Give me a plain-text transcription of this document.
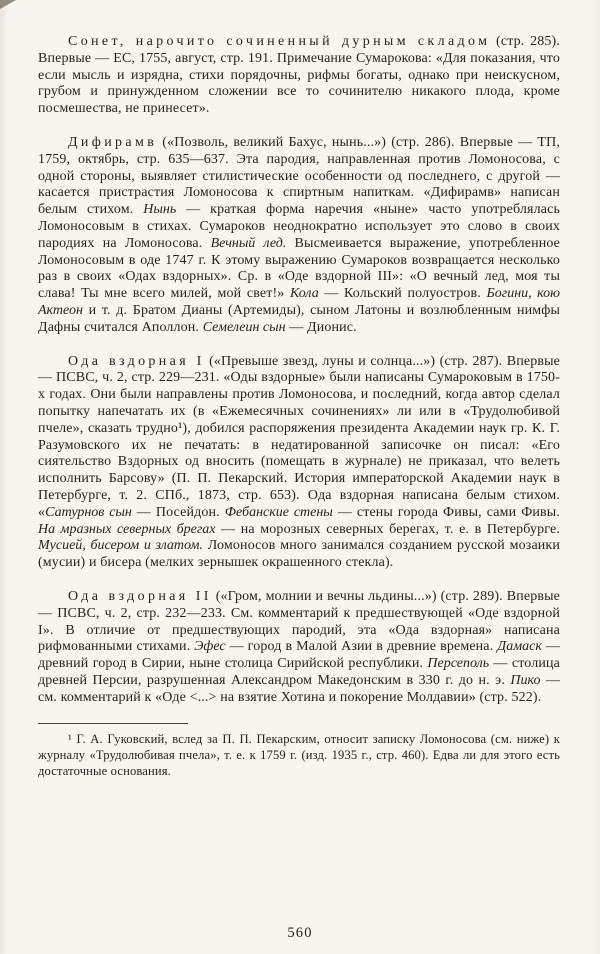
Сонет, нарочито сочиненный дурным складом (стр. 285). Впервые — ЕС, 1755, август, стр. 191. Примечание Сумарокова: «Для показания, что если мысль и изрядна, стихи порядочны, рифмы богаты, однако при неискусном, грубом и принужденном сложении все то сочинителю никакого плода, кроме посмешества, не принесет».

Дифирамв («Позволь, великий Бахус, нынь...») (стр. 286). Впервые — ТП, 1759, октябрь, стр. 635—637. Эта пародия, направленная против Ломоносова, с одной стороны, выявляет стилистические особенности од последнего, с другой — касается пристрастия Ломоносова к спиртным напиткам. «Дифирамв» написан белым стихом. Нынь — краткая форма наречия «ныне» часто употреблялась Ломоносовым в стихах. Сумароков неоднократно использует это слово в своих пародиях на Ломоносова. Вечный лед. Высмеивается выражение, употребленное Ломоносовым в оде 1747 г. К этому выражению Сумароков возвращается несколько раз в своих «Одах вздорных». Ср. в «Оде вздорной III»: «О вечный лед, моя ты слава! Ты мне всего милей, мой свет!» Кола — Кольский полуостров. Богини, кою Актеон и т. д. Братом Дианы (Артемиды), сыном Латоны и возлюбленным нимфы Дафны считался Аполлон. Семелеин сын — Дионис.

Ода вздорная I («Превыше звезд, луны и солнца...») (стр. 287). Впервые — ПСВС, ч. 2, стр. 229—231. «Оды вздорные» были написаны Сумароковым в 1750-х годах. Они были направлены против Ломоносова, и последний, когда автор сделал попытку напечатать их (в «Ежемесячных сочинениях» ли или в «Трудолюбивой пчеле», сказать трудно¹), добился распоряжения президента Академии наук гр. К. Г. Разумовского их не печатать: в недатированной записочке он писал: «Его сиятельство Вздорных од вносить (помещать в журнале) не приказал, что велеть исполнить Барсову» (П. П. Пекарский. История императорской Академии наук в Петербурге, т. 2. СПб., 1873, стр. 653). Ода вздорная написана белым стихом. «Сатурнов сын — Посейдон. Фебанские стены — стены города Фивы, сами Фивы. На мразных северных брегах — на морозных северных берегах, т. е. в Петербурге. Мусией, бисером и златом. Ломоносов много занимался созданием русской мозаики (мусии) и бисера (мелких зернышек окрашенного стекла).

Ода вздорная II («Гром, молнии и вечны льдины...») (стр. 289). Впервые — ПСВС, ч. 2, стр. 232—233. См. комментарий к предшествующей «Оде вздорной I». В отличие от предшествующих пародий, эта «Ода вздорная» написана рифмованными стихами. Эфес — город в Малой Азии в древние времена. Дамаск — древний город в Сирии, ныне столица Сирийской республики. Персеполь — столица древней Персии, разрушенная Александром Македонским в 330 г. до н. э. Пико — см. комментарий к «Оде <...> на взятие Хотина и покорение Молдавии» (стр. 522).

¹ Г. А. Гуковский, вслед за П. П. Пекарским, относит записку Ломоносова (см. ниже) к журналу «Трудолюбивая пчела», т. е. к 1759 г. (изд. 1935 г., стр. 460). Едва ли для этого есть достаточные основания.

560
